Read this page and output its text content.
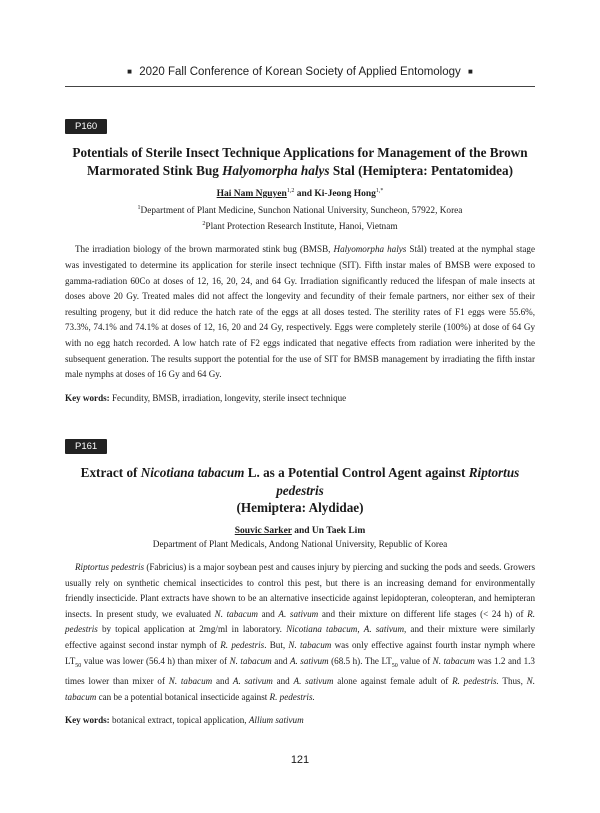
■ 2020 Fall Conference of Korean Society of Applied Entomology ■
P160
Potentials of Sterile Insect Technique Applications for Management of the Brown
Marmorated Stink Bug Halyomorpha halys Stal (Hemiptera: Pentatomidea)
Hai Nam Nguyen$^{1,2}$ and Ki-Jeong Hong$^{1,*}$
$^1$Department of Plant Medicine, Sunchon National University, Suncheon, 57922, Korea
$^2$Plant Protection Research Institute, Hanoi, Vietnam

The irradiation biology of the brown marmorated stink bug (BMSB, Halyomorpha halys Stål) treated at the nymphal stage was investigated to determine its application for sterile insect technique (SIT). Fifth instar males of BMSB were exposed to gamma-radiation 60Co at doses of 12, 16, 20, 24, and 64 Gy. Irradiation significantly reduced the lifespan of male insects at doses above 20 Gy. Treated males did not affect the longevity and fecundity of their female partners, nor either sex of their resulting progeny, but it did reduce the hatch rate of the eggs at all doses tested. The sterility rates of F1 eggs were 55.6%, 73.3%, 74.1% and 74.1% at doses of 12, 16, 20 and 24 Gy, respectively. Eggs were completely sterile (100%) at dose of 64 Gy with no egg hatch recorded. A low hatch rate of F2 eggs indicated that negative effects from radiation were inherited by the subsequent generation. The results support the potential for the use of SIT for BMSB management by irradiating the fifth instar male nymphs at doses of 16 Gy and 64 Gy.

Key words: Fecundity, BMSB, irradiation, longevity, sterile insect technique
P161
Extract of Nicotiana tabacum L. as a Potential Control Agent against Riptortus pedestris
(Hemiptera: Alydidae)
Souvic Sarker and Un Taek Lim
Department of Plant Medicals, Andong National University, Republic of Korea

Riptortus pedestris (Fabricius) is a major soybean pest and causes injury by piercing and sucking the pods and seeds. Growers usually rely on synthetic chemical insecticides to control this pest, but there is an increasing demand for environmentally friendly insecticide. Plant extracts have shown to be an alternative insecticide against lepidopteran, coleopteran, and hemipteran insects. In present study, we evaluated N. tabacum and A. sativum and their mixture on different life stages (< 24 h) of R. pedestris by topical application at 2mg/ml in laboratory. Nicotiana tabacum, A. sativum, and their mixture were similarly effective against second instar nymph of R. pedestris. But, N. tabacum was only effective against fourth instar nymph where $LT_{50}$ value was lower (56.4 h) than mixer of N. tabacum and A. sativum (68.5 h). The $LT_{50}$ value of N. tabacum was 1.2 and 1.3 times lower than mixer of N. tabacum and A. sativum and A. sativum alone against female adult of R. pedestris. Thus, N. tabacum can be a potential botanical insecticide against R. pedestris.

Key words: botanical extract, topical application, Allium sativum
121
